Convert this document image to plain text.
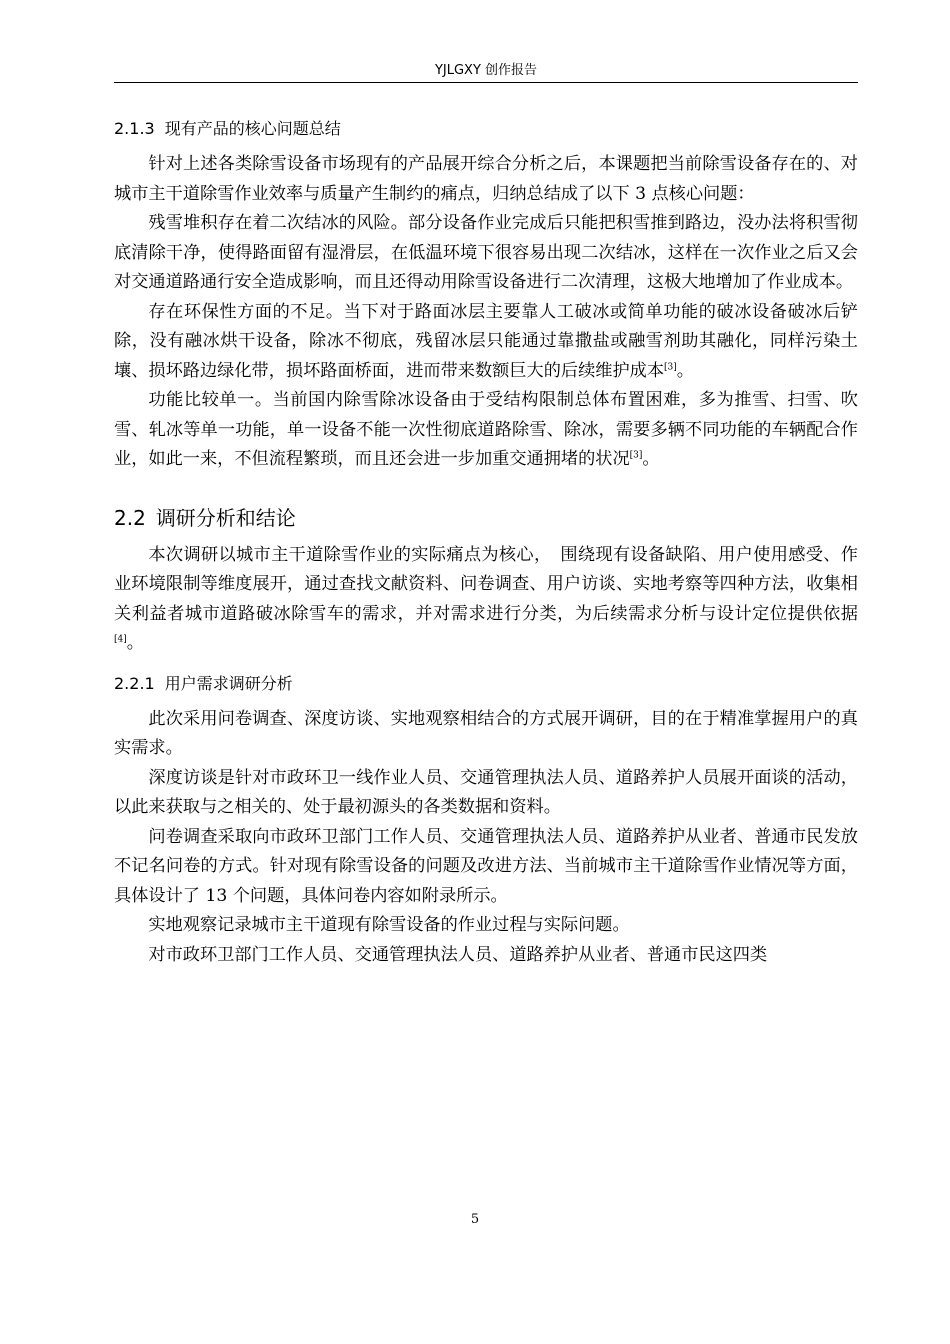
YJLGXY 创作报告
2.1.3 现有产品的核心问题总结

针对上述各类除雪设备市场现有的产品展开综合分析之后，本课题把当前除雪设备存在的、对城市主干道除雪作业效率与质量产生制约的痛点，归纳总结成了以下 3 点核心问题：

残雪堆积存在着二次结冰的风险。部分设备作业完成后只能把积雪推到路边，没办法将积雪彻底清除干净，使得路面留有湿滑层，在低温环境下很容易出现二次结冰，这样在一次作业之后又会对交通道路通行安全造成影响，而且还得动用除雪设备进行二次清理，这极大地增加了作业成本。

存在环保性方面的不足。当下对于路面冰层主要靠人工破冰或简单功能的破冰设备破冰后铲除，没有融冰烘干设备，除冰不彻底，残留冰层只能通过靠撒盐或融雪剂助其融化，同样污染土壤、损坏路边绿化带，损坏路面桥面，进而带来数额巨大的后续维护成本[3]。

功能比较单一。当前国内除雪除冰设备由于受结构限制总体布置困难，多为推雪、扫雪、吹雪、轧冰等单一功能，单一设备不能一次性彻底道路除雪、除冰，需要多辆不同功能的车辆配合作业，如此一来，不但流程繁琐，而且还会进一步加重交通拥堵的状况[3]。

2.2 调研分析和结论

本次调研以城市主干道除雪作业的实际痛点为核心，　围绕现有设备缺陷、用户使用感受、作业环境限制等维度展开，通过查找文献资料、问卷调查、用户访谈、实地考察等四种方法，收集相关利益者城市道路破冰除雪车的需求，并对需求进行分类，为后续需求分析与设计定位提供依据[4]。

2.2.1 用户需求调研分析

此次采用问卷调查、深度访谈、实地观察相结合的方式展开调研，目的在于精准掌握用户的真实需求。

深度访谈是针对市政环卫一线作业人员、交通管理执法人员、道路养护人员展开面谈的活动，以此来获取与之相关的、处于最初源头的各类数据和资料。

问卷调查采取向市政环卫部门工作人员、交通管理执法人员、道路养护从业者、普通市民发放不记名问卷的方式。针对现有除雪设备的问题及改进方法、当前城市主干道除雪作业情况等方面，具体设计了 13 个问题，具体问卷内容如附录所示。

实地观察记录城市主干道现有除雪设备的作业过程与实际问题。

对市政环卫部门工作人员、交通管理执法人员、道路养护从业者、普通市民这四类

5
